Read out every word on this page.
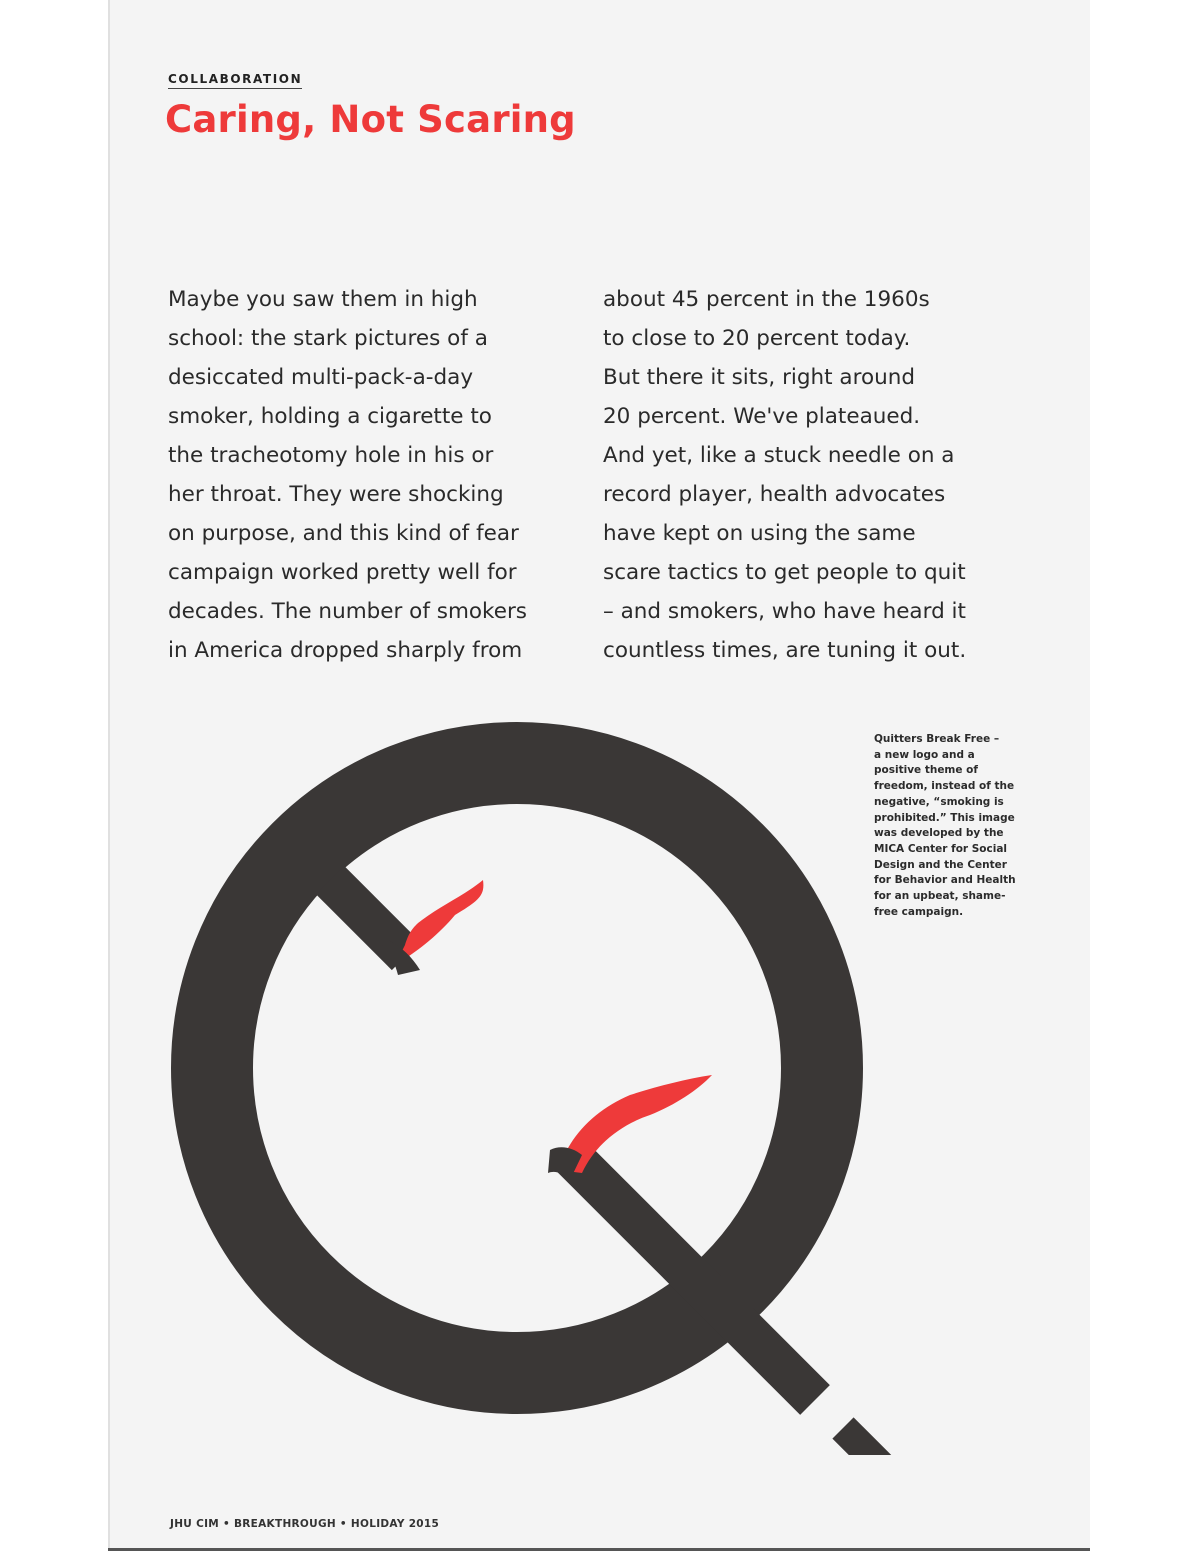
COLLABORATION
Caring, Not Scaring
Maybe you saw them in high
school: the stark pictures of a
desiccated multi-pack-a-day
smoker, holding a cigarette to
the tracheotomy hole in his or
her throat. They were shocking
on purpose, and this kind of fear
campaign worked pretty well for
decades. The number of smokers
in America dropped sharply from
about 45 percent in the 1960s
to close to 20 percent today.
But there it sits, right around
20 percent. We've plateaued.
And yet, like a stuck needle on a
record player, health advocates
have kept on using the same
scare tactics to get people to quit
– and smokers, who have heard it
countless times, are tuning it out.
Quitters Break Free –
a new logo and a
positive theme of
freedom, instead of the
negative, “smoking is
prohibited.” This image
was developed by the
MICA Center for Social
Design and the Center
for Behavior and Health
for an upbeat, shame-
free campaign.
JHU CIM • BREAKTHROUGH • HOLIDAY 2015
